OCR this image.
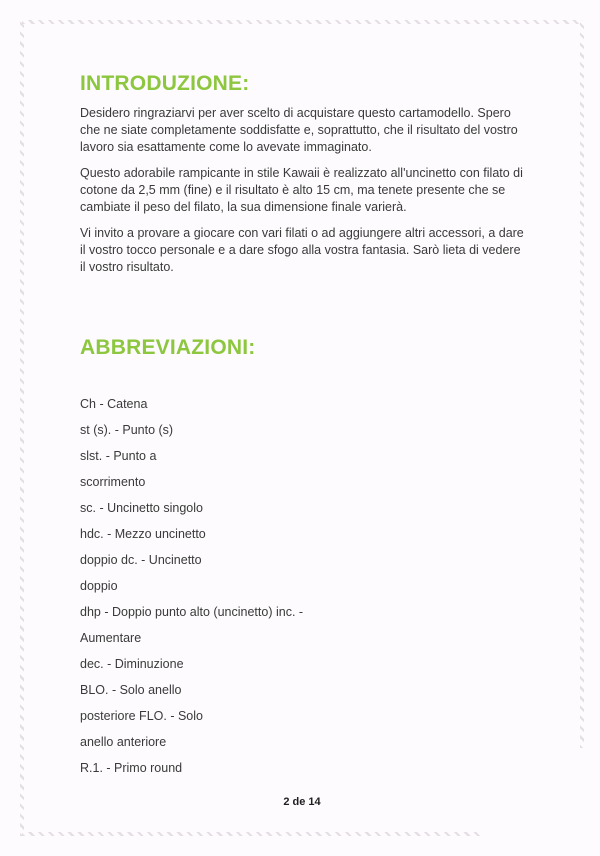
INTRODUZIONE:

Desidero ringraziarvi per aver scelto di acquistare questo cartamodello. Spero che ne siate completamente soddisfatte e, soprattutto, che il risultato del vostro lavoro sia esattamente come lo avevate immaginato.

Questo adorabile rampicante in stile Kawaii è realizzato all'uncinetto con filato di cotone da 2,5 mm (fine) e il risultato è alto 15 cm, ma tenete presente che se cambiate il peso del filato, la sua dimensione finale varierà.

Vi invito a provare a giocare con vari filati o ad aggiungere altri accessori, a dare il vostro tocco personale e a dare sfogo alla vostra fantasia. Sarò lieta di vedere il vostro risultato.

ABBREVIAZIONI:

Ch - Catena

st (s). - Punto (s)

slst. - Punto a

scorrimento

sc. - Uncinetto singolo

hdc. - Mezzo uncinetto

doppio dc. - Uncinetto

doppio

dhp - Doppio punto alto (uncinetto) inc. -

Aumentare

dec. - Diminuzione

BLO. - Solo anello

posteriore FLO. - Solo

anello anteriore

R.1. - Primo round

2 de 14
